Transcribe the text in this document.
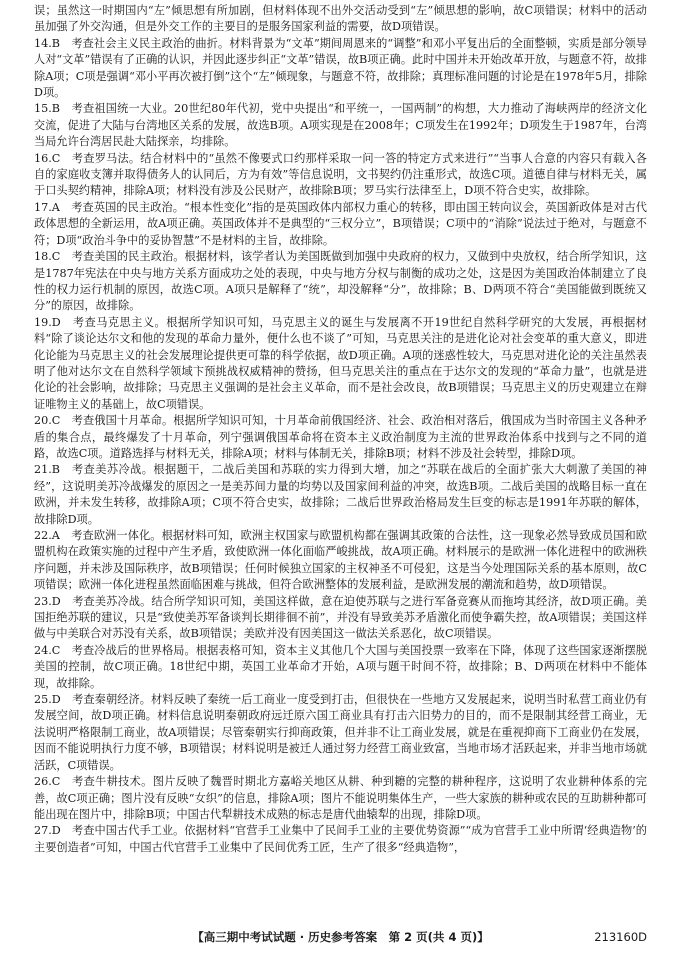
误；虽然这一时期国内“左”倾思想有所加剧，但材料体现不出外交活动受到“左”倾思想的影响，故C项错误；材料中的活动虽加强了外交沟通，但是外交工作的主要目的是服务国家利益的需要，故D项错误。

14.B　考查社会主义民主政治的曲折。材料背景为“文革”期间周恩来的“调整”和邓小平复出后的全面整顿，实质是部分领导人对“文革”错误有了正确的认识，并因此逐步纠正“文革”错误，故B项正确。此时中国并未开始改革开放，与题意不符，故排除A项；C项是强调“邓小平再次被打倒”这个“左”倾现象，与题意不符，故排除；真理标准问题的讨论是在1978年5月，排除D项。

15.B　考查祖国统一大业。20世纪80年代初，党中央提出“和平统一，一国两制”的构想，大力推动了海峡两岸的经济文化交流，促进了大陆与台湾地区关系的发展，故选B项。A项实现是在2008年；C项发生在1992年；D项发生于1987年，台湾当局允许台湾居民赴大陆探亲，均排除。

16.C　考查罗马法。结合材料中的“虽然不像要式口约那样采取一问一答的特定方式来进行”“当事人合意的内容只有载入各自的家庭收支簿并取得债务人的认同后，方为有效”等信息说明，文书契约仍注重形式，故选C项。道德自律与材料无关，属于口头契约精神，排除A项；材料没有涉及公民财产，故排除B项；罗马实行法律至上，D项不符合史实，故排除。

17.A　考查英国的民主政治。“根本性变化”指的是英国政体内部权力重心的转移，即由国王转向议会，英国新政体是对古代政体思想的全新运用，故A项正确。英国政体并不是典型的“三权分立”，B项错误；C项中的“消除”说法过于绝对，与题意不符；D项“政治斗争中的妥协智慧”不是材料的主旨，故排除。

18.C　考查美国的民主政治。根据材料，该学者认为美国既做到加强中央政府的权力，又做到中央放权，结合所学知识，这是1787年宪法在中央与地方关系方面成功之处的表现，中央与地方分权与制衡的成功之处，这是因为美国政治体制建立了良性的权力运行机制的原因，故选C项。A项只是解释了“统”，却没解释“分”，故排除；B、D两项不符合“美国能做到既统又分”的原因，故排除。

19.D　考查马克思主义。根据所学知识可知，马克思主义的诞生与发展离不开19世纪自然科学研究的大发展，再根据材料“除了谈论达尔文和他的发现的革命力量外，便什么也不谈了”可知，马克思关注的是进化论对社会变革的重大意义，即进化论能为马克思主义的社会发展理论提供更可靠的科学依据，故D项正确。A项的迷惑性较大，马克思对进化论的关注虽然表明了他对达尔文在自然科学领域卞预挑战权威精神的赞扬，但马克思关注的重点在于达尔文的发现的“革命力量”，也就是进化论的社会影响，故排除；马克思主义强调的是社会主义革命，而不是社会改良，故B项错误；马克思主义的历史观建立在辩证唯物主义的基础上，故C项错误。

20.C　考查俄国十月革命。根据所学知识可知，十月革命前俄国经济、社会、政治相对落后，俄国成为当时帝国主义各种矛盾的集合点，最终爆发了十月革命，列宁强调俄国革命将在资本主义政治制度为主流的世界政治体系中找到与之不同的道路，故选C项。道路选择与材料无关，排除A项；材料与体制无关，排除B项；材料不涉及社会转型，排除D项。

21.B　考查美苏冷战。根据题干，二战后美国和苏联的实力得到大增，加之“苏联在战后的全面扩张大大刺激了美国的神经”，这说明美苏冷战爆发的原因之一是美苏间力量的均势以及国家间利益的冲突，故选B项。二战后美国的战略目标一直在欧洲，并未发生转移，故排除A项；C项不符合史实，故排除；二战后世界政治格局发生巨变的标志是1991年苏联的解体，故排除D项。

22.A　考查欧洲一体化。根据材料可知，欧洲主权国家与欧盟机构都在强调其政策的合法性，这一现象必然导致成员国和欧盟机构在政策实施的过程中产生矛盾，致使欧洲一体化面临严峻挑战，故A项正确。材料展示的是欧洲一体化进程中的欧洲秩序问题，并未涉及国际秩序，故B项错误；任何时候独立国家的主权神圣不可侵犯，这是当今处理国际关系的基本原则，故C项错误；欧洲一体化进程虽然面临困难与挑战，但符合欧洲整体的发展利益，是欧洲发展的潮流和趋势，故D项错误。

23.D　考查美苏冷战。结合所学知识可知，美国这样做，意在迫使苏联与之进行军备竞赛从而拖垮其经济，故D项正确。美国拒绝苏联的建议，只是“致使美苏军备谈判长期徘徊不前”，并没有导致美苏矛盾激化而使争霸失控，故A项错误；美国这样做与中美联合对苏没有关系，故B项错误；美欧并没有因美国这一做法关系恶化，故C项错误。

24.C　考查冷战后的世界格局。根据表格可知，资本主义其他几个大国与美国投票一致率在下降，体现了这些国家逐渐摆脱美国的控制，故C项正确。18世纪中期，英国工业革命才开始，A项与题干时间不符，故排除；B、D两项在材料中不能体现，故排除。

25.D　考查秦朝经济。材料反映了秦统一后工商业一度受到打击，但很快在一些地方又发展起来，说明当时私营工商业仍有发展空间，故D项正确。材料信息说明秦朝政府远迁原六国工商业具有打击六旧势力的目的，而不是限制其经营工商业，无法说明严格限制工商业，故A项错误；尽管秦朝实行抑商政策，但并非不让工商业发展，就是在重视抑商下工商业仍在发展，因而不能说明执行力度不够，B项错误；材料说明是被迁人通过努力经营工商业致富，当地市场才活跃起来，并非当地市场就活跃，C项错误。

26.C　考查牛耕技术。图片反映了魏晋时期北方嘉峪关地区从耕、种到耱的完整的耕种程序，这说明了农业耕种体系的完善，故C项正确；图片没有反映“女织”的信息，排除A项；图片不能说明集体生产，一些大家族的耕种或农民的互助耕种都可能出现在图片中，排除B项；中国古代犁耕技术成熟的标志是唐代曲辕犁的出现，排除D项。

27.D　考查中国古代手工业。依据材料“官营手工业集中了民间手工业的主要优势资源”“成为官营手工业中所谓‘经典造物’的主要创造者”可知，中国古代官营手工业集中了民间优秀工匠，生产了很多“经典造物”，

【高三期中考试试题 · 历史参考答案　第 2 页(共 4 页)】	213160D
